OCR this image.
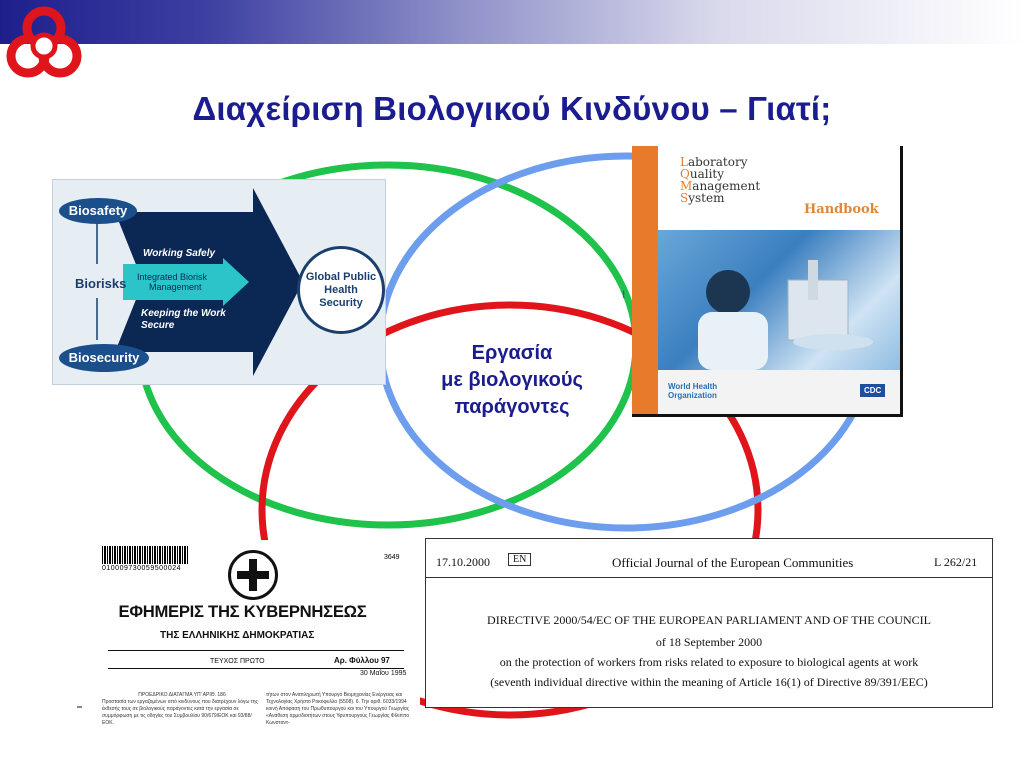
Διαχείριση Βιολογικού Κινδύνου – Γιατί;
ι
Εργασία
με βιολογικούς
παράγοντες
Biosafety
Biorisks
Biosecurity
Working Safely
Integrated Biorisk
Management
Keeping the Work
Secure
Global Public
Health
Security
Laboratory
Quality
Management
System
Handbook
World Health
Organization
CDC
010009730059500024
3649
ΕΦΗΜΕΡΙΣ ΤΗΣ ΚΥΒΕΡΝΗΣΕΩΣ
ΤΗΣ ΕΛΛΗΝΙΚΗΣ ΔΗΜΟΚΡΑΤΙΑΣ
ΤΕΥΧΟΣ ΠΡΩΤΟ	Αρ. Φύλλου 97
30 Μαΐου 1995
ΠΡΟΕΔΡΙΚΟ ΔΙΑΤΑΓΜΑ ΥΠ' ΑΡΙΘ. 186
Προστασία των εργαζομένων από κινδύνους που διατρέχουν λόγω της έκθεσής τους σε βιολογικούς παράγοντες κατά την εργασία σε συμμόρφωση με τις οδηγίες του Συμβουλίου 90/679/ΕΟΚ και 93/88/ΕΟΚ.
τήτων στον Αναπληρωτή Υπουργό Βιομηχανίας Ενέργειας και Τεχνολογίας Χρήστο Ροκόφυλλο (5508). 6. Την αριθ. 6033/1994 κοινή Απόφαση του Πρωθυπουργού και του Υπουργού Γεωργίας «Ανάθεση αρμοδιοτήτων στους Υφυπουργούς Γεωργίας Φίλιππο Κωνσταντ-
17.10.2000	EN	Official Journal of the European Communities	L 262/21
DIRECTIVE 2000/54/EC OF THE EUROPEAN PARLIAMENT AND OF THE COUNCIL
of 18 September 2000
on the protection of workers from risks related to exposure to biological agents at work
(seventh individual directive within the meaning of Article 16(1) of Directive 89/391/EEC)
